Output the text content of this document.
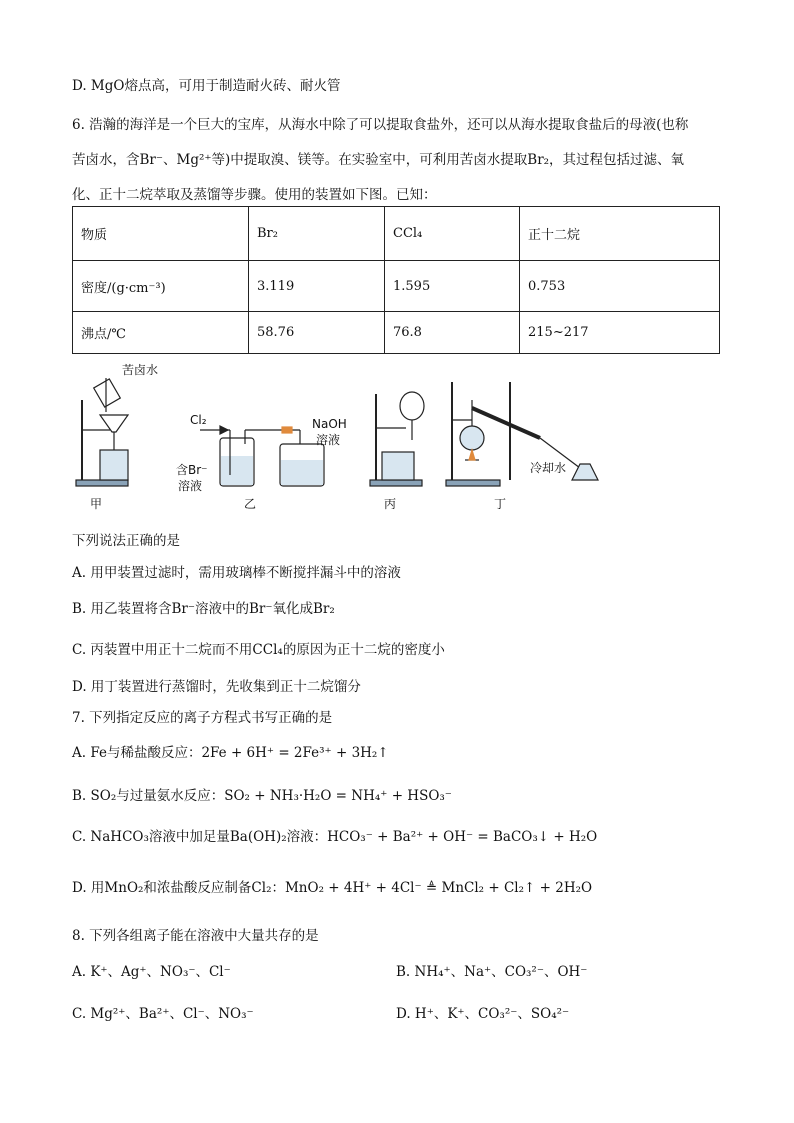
D. MgO熔点高，可用于制造耐火砖、耐火管
6. 浩瀚的海洋是一个巨大的宝库，从海水中除了可以提取食盐外，还可以从海水提取食盐后的母液(也称
苦卤水，含Br⁻、Mg²⁺等)中提取溴、镁等。在实验室中，可利用苦卤水提取Br₂，其过程包括过滤、氧
化、正十二烷萃取及蒸馏等步骤。使用的装置如下图。已知：
物质	Br₂	CCl₄	正十二烷
密度/(g·cm⁻³)	3.119	1.595	0.753
沸点/℃	58.76	76.8	215~217
苦卤水
Cl₂	NaOH
溶液
含Br⁻
溶液
冷却水
甲	乙	丙	丁
下列说法正确的是
A. 用甲装置过滤时，需用玻璃棒不断搅拌漏斗中的溶液
B. 用乙装置将含Br⁻溶液中的Br⁻氧化成Br₂
C. 丙装置中用正十二烷而不用CCl₄的原因为正十二烷的密度小
D. 用丁装置进行蒸馏时，先收集到正十二烷馏分
7. 下列指定反应的离子方程式书写正确的是
A. Fe与稀盐酸反应：2Fe + 6H⁺ = 2Fe³⁺ + 3H₂↑
B. SO₂与过量氨水反应：SO₂ + NH₃·H₂O = NH₄⁺ + HSO₃⁻
C. NaHCO₃溶液中加足量Ba(OH)₂溶液：HCO₃⁻ + Ba²⁺ + OH⁻ = BaCO₃↓ + H₂O
D. 用MnO₂和浓盐酸反应制备Cl₂：MnO₂ + 4H⁺ + 4Cl⁻ ≜ MnCl₂ + Cl₂↑ + 2H₂O
8. 下列各组离子能在溶液中大量共存的是
A. K⁺、Ag⁺、NO₃⁻、Cl⁻	B. NH₄⁺、Na⁺、CO₃²⁻、OH⁻
C. Mg²⁺、Ba²⁺、Cl⁻、NO₃⁻	D. H⁺、K⁺、CO₃²⁻、SO₄²⁻
